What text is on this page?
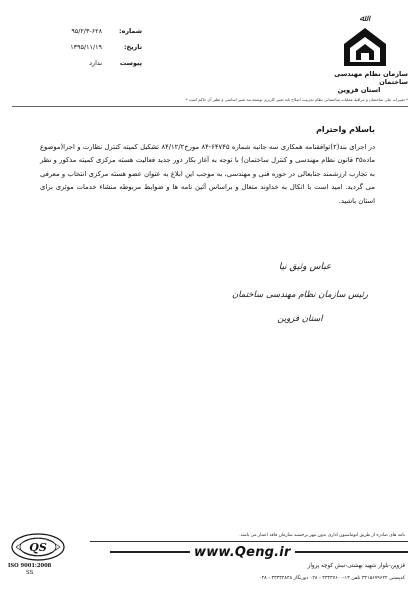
ﷲ
سازمان نظام مهندسی ساختمان
استان قزوین
شماره:
۹۵/۲/۳-۶۲۸
تاریخ:
۱۳۹۵/۱۱/۱۹
پیوست
ندارد
* تغییرات علی ساختمان و مراقبهٔ عملیات ساختمانی نظام تجربیت اصلاح باید تغییر کاربری توسعه بند تغییر اساسی و نظیر آن حاکم است *
باسلام واحترام
در اجرای بند(۲)توافقنامه همکاری سه جانبه شماره ۶۴۷۴۵-۸۴ مورخ۸۴/۱۲/۲ تشکیل کمیته کنترل نظارت و اجرا(موضوع ماده۳۵ قانون نظام مهندسی و کنترل ساختمان) با توجه به آغاز بکار دور جدید فعالیت هسته مرکزی کمیته مذکور و نظر به تجارب ارزشمند جنابعالی در حوزه فنی و مهندسی، به موجب این ابلاغ به عنوان عضو هسته مرکزی انتخاب و معرفی می گردید. امید است با اتکال به خداوند متعال و براساس آئین نامه ها و ضوابط مربوطه منشاء خدمات موثری برای استان باشید.
عباس وثیق نیا
رئیس سازمان نظام مهندسی ساختمان
استان قزوین
نامه های صادره از طریق اتوماسیون اداری بدون مهر برجسته سازمان فاقد اعتبار می باشد.
www.Qeng.ir
قزوین-بلوار شهید بهشتی-نبش کوچه پرواز
کدپستی ۳۴۱۵۶۷۹۶۲۲ تلفن ۱۳-۳۳۳۳۷۶۰۰ - ۰۲۸ دورنگار ۳۳۳۳۲۸۴۸ - ۰۲۸
QS
ISO 9001:2008
SS
